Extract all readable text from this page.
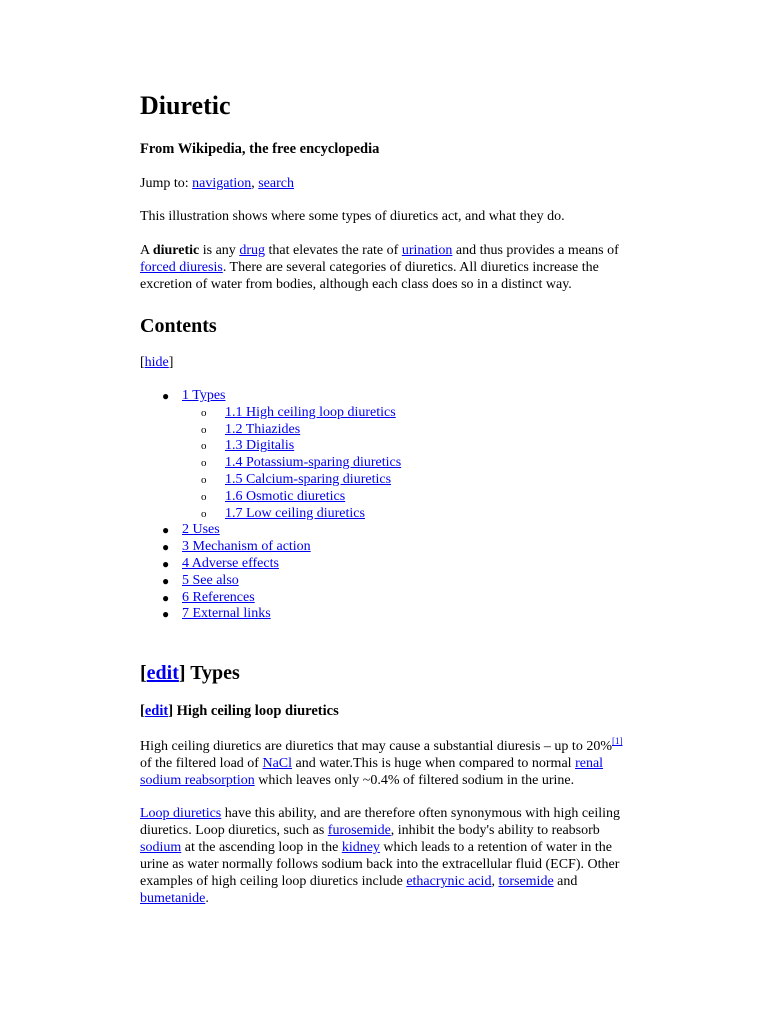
Diuretic
From Wikipedia, the free encyclopedia
Jump to: navigation, search

This illustration shows where some types of diuretics act, and what they do.

A diuretic is any drug that elevates the rate of urination and thus provides a means of forced diuresis. There are several categories of diuretics. All diuretics increase the excretion of water from bodies, although each class does so in a distinct way.

Contents
[hide]
● 1 Types
o 1.1 High ceiling loop diuretics
o 1.2 Thiazides
o 1.3 Digitalis
o 1.4 Potassium-sparing diuretics
o 1.5 Calcium-sparing diuretics
o 1.6 Osmotic diuretics
o 1.7 Low ceiling diuretics
● 2 Uses
● 3 Mechanism of action
● 4 Adverse effects
● 5 See also
● 6 References
● 7 External links
[edit] Types
[edit] High ceiling loop diuretics

High ceiling diuretics are diuretics that may cause a substantial diuresis – up to 20%[1] of the filtered load of NaCl and water.This is huge when compared to normal renal sodium reabsorption which leaves only ~0.4% of filtered sodium in the urine.

Loop diuretics have this ability, and are therefore often synonymous with high ceiling diuretics. Loop diuretics, such as furosemide, inhibit the body's ability to reabsorb sodium at the ascending loop in the kidney which leads to a retention of water in the urine as water normally follows sodium back into the extracellular fluid (ECF). Other examples of high ceiling loop diuretics include ethacrynic acid, torsemide and bumetanide.
